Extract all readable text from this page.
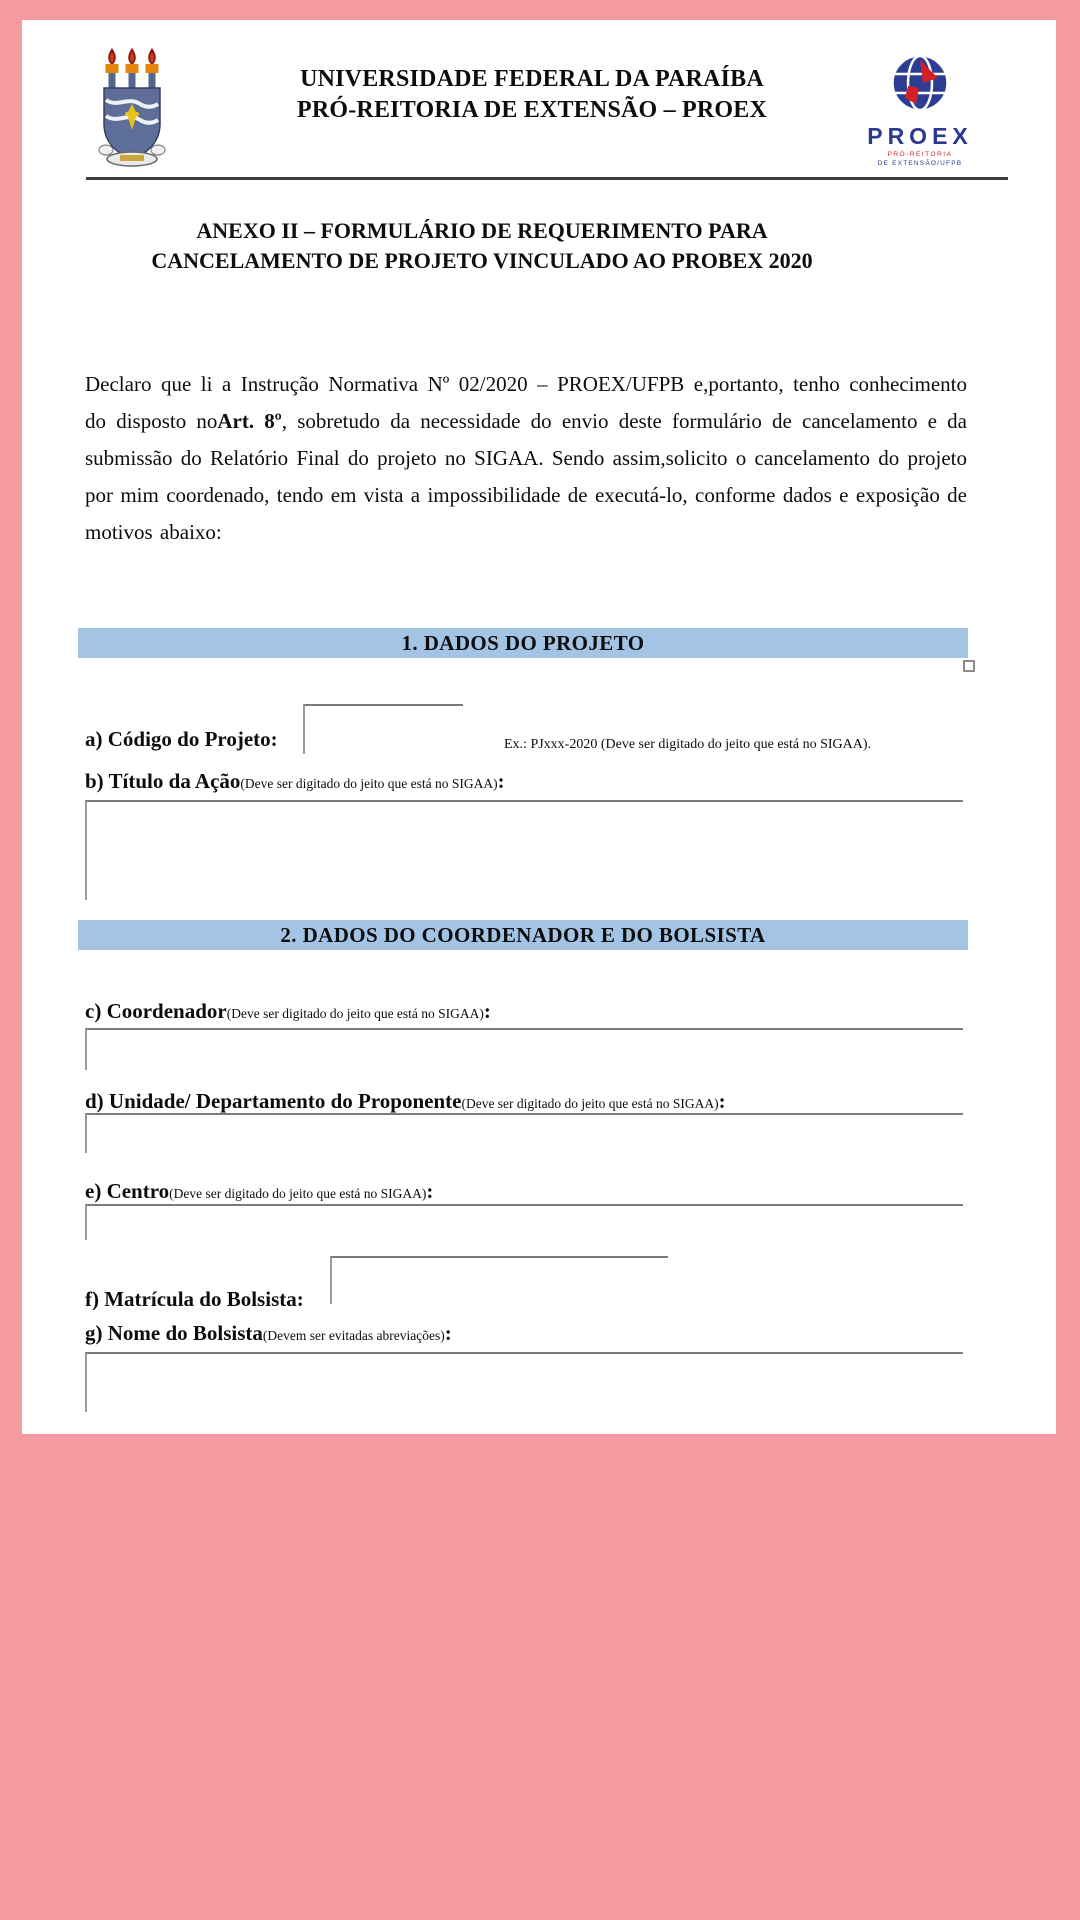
UNIVERSIDADE FEDERAL DA PARAÍBA
PRÓ-REITORIA DE EXTENSÃO – PROEX
PROEX
PRÓ-REITORIA
DE EXTENSÃO/UFPB
ANEXO II – FORMULÁRIO DE REQUERIMENTO PARA
CANCELAMENTO DE PROJETO VINCULADO AO PROBEX 2020

Declaro que li a Instrução Normativa Nº 02/2020 – PROEX/UFPB e,portanto, tenho conhecimento do disposto noArt. 8º, sobretudo da necessidade do envio deste formulário de cancelamento e da submissão do Relatório Final do projeto no SIGAA. Sendo assim,solicito o cancelamento do projeto por mim coordenado, tendo em vista a impossibilidade de executá-lo, conforme dados e exposição de motivos abaixo:

1. DADOS DO PROJETO
a) Código do Projeto:	Ex.: PJxxx-2020 (Deve ser digitado do jeito que está no SIGAA).
b) Título da Ação(Deve ser digitado do jeito que está no SIGAA):
2. DADOS DO COORDENADOR E DO BOLSISTA
c) Coordenador(Deve ser digitado do jeito que está no SIGAA):
d) Unidade/ Departamento do Proponente(Deve ser digitado do jeito que está no SIGAA):
e) Centro(Deve ser digitado do jeito que está no SIGAA):
f) Matrícula do Bolsista:
g) Nome do Bolsista(Devem ser evitadas abreviações):
